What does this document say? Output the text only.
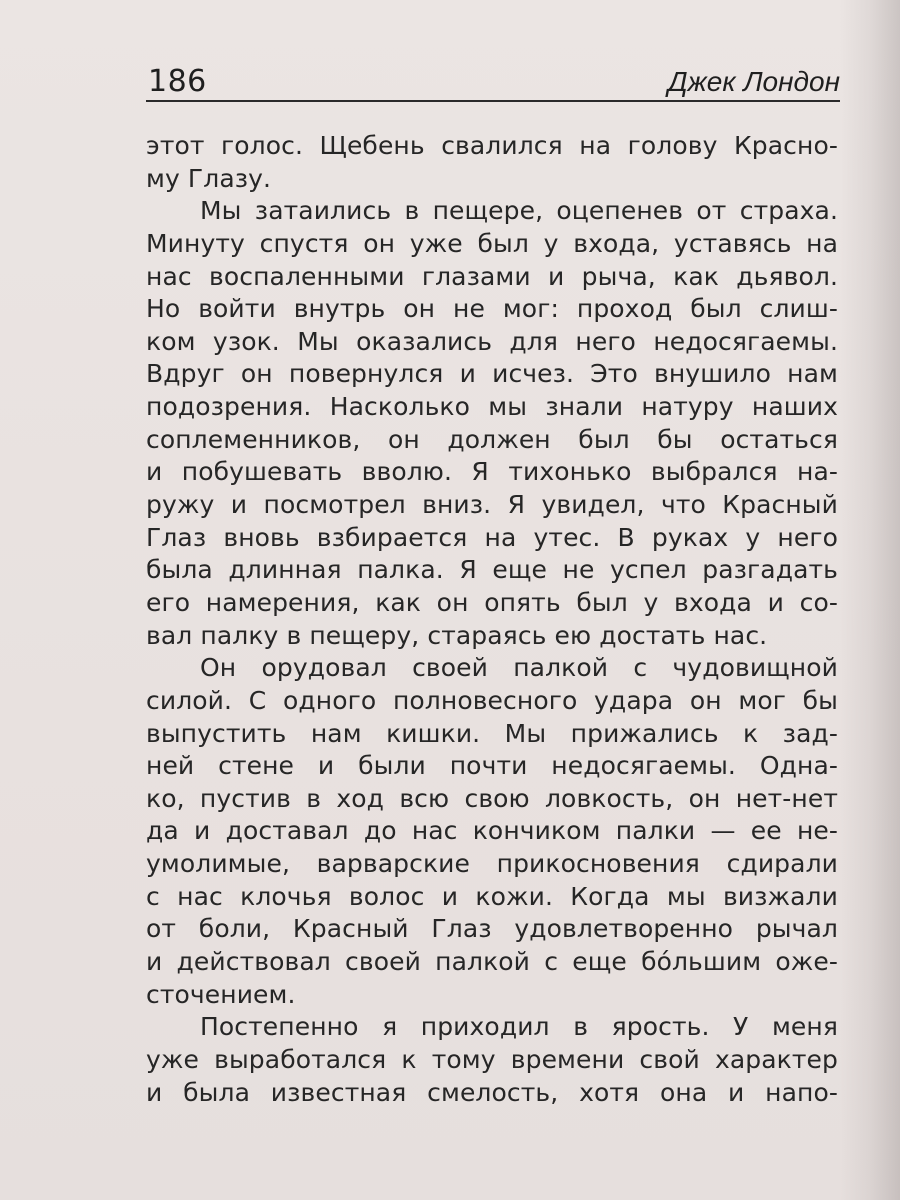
186	Джек Лондон
этот голос. Щебень свалился на голову Красно-
му Глазу.
Мы затаились в пещере, оцепенев от страха.
Минуту спустя он уже был у входа, уставясь на
нас воспаленными глазами и рыча, как дьявол.
Но войти внутрь он не мог: проход был слиш-
ком узок. Мы оказались для него недосягаемы.
Вдруг он повернулся и исчез. Это внушило нам
подозрения. Насколько мы знали натуру наших
соплеменников, он должен был бы остаться
и побушевать вволю. Я тихонько выбрался на-
ружу и посмотрел вниз. Я увидел, что Красный
Глаз вновь взбирается на утес. В руках у него
была длинная палка. Я еще не успел разгадать
его намерения, как он опять был у входа и со-
вал палку в пещеру, стараясь ею достать нас.
Он орудовал своей палкой с чудовищной
силой. С одного полновесного удара он мог бы
выпустить нам кишки. Мы прижались к зад-
ней стене и были почти недосягаемы. Однa-
ко, пустив в ход всю свою ловкость, он нет-нет
да и доставал до нас кончиком палки — ее не-
умолимые, варварские прикосновения сдирали
с нас клочья волос и кожи. Когда мы визжали
от боли, Красный Глаз удовлетворенно рычал
и действовал своей палкой с еще бóльшим оже-
сточением.
Постепенно я приходил в ярость. У меня
уже выработался к тому времени свой характер
и была известная смелость, хотя она и напо-
